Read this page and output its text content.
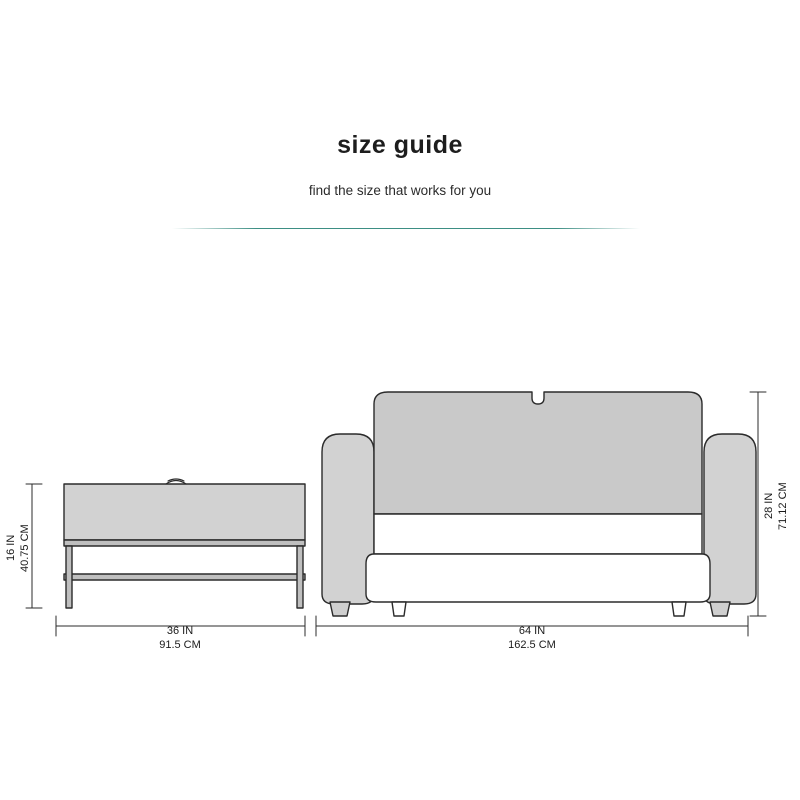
size guide

find the size that works for you

16 IN 40.75 CM
36 IN
91.5 CM
28 IN 71.12 CM
64 IN
162.5 CM
